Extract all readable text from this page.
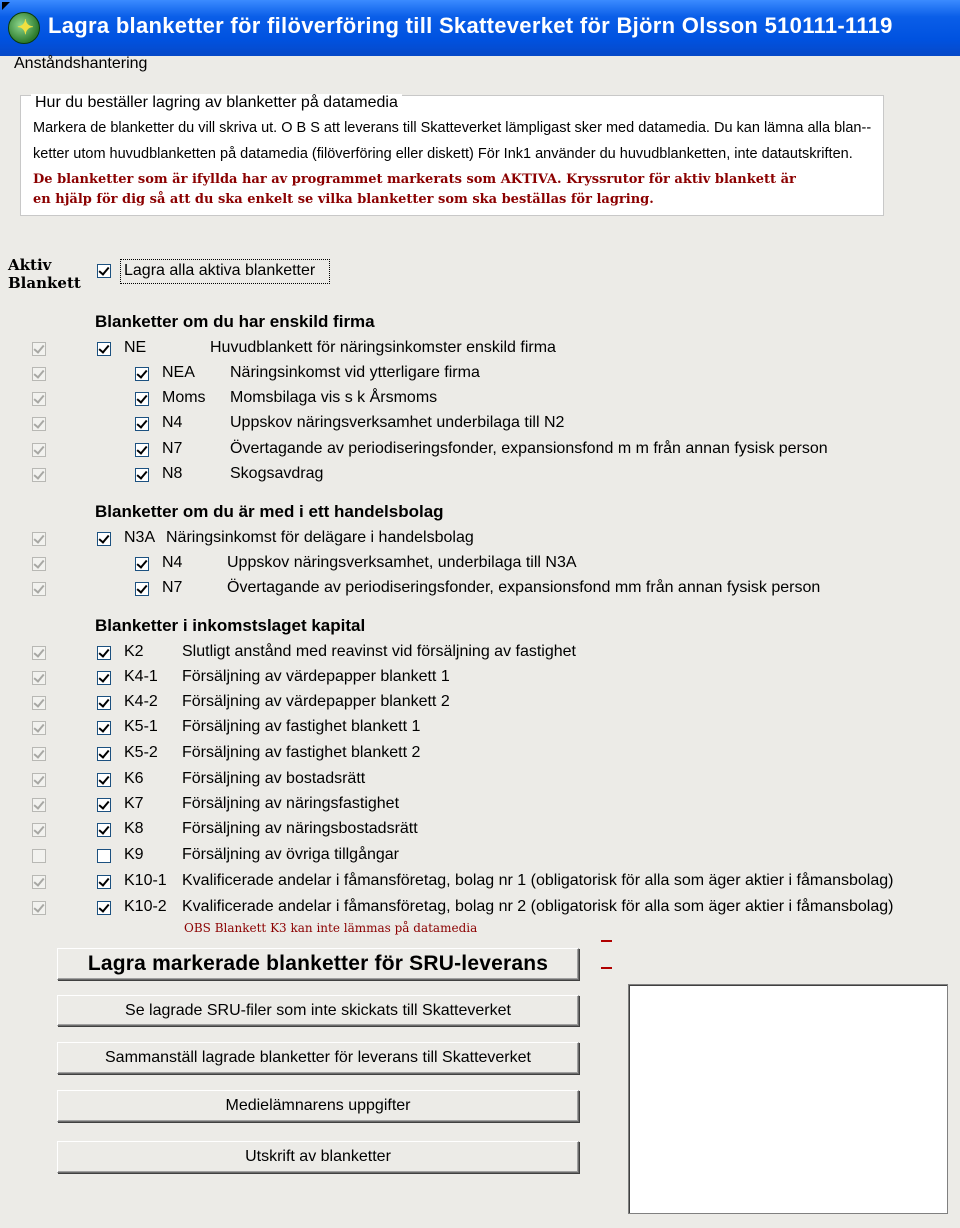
✦ Lagra blanketter för filöverföring till Skatteverket för Björn Olsson 510111-1119
Anståndshantering
Hur du beställer lagring av blanketter på datamedia
Markera de blanketter du vill skriva ut. O B S att leverans till Skatteverket lämpligast sker med datamedia. Du kan lämna alla blan--
ketter utom huvudblanketten på datamedia (filöverföring eller diskett) För Ink1 använder du huvudblanketten, inte datautskriften.
De blanketter som är ifyllda har av programmet markerats som AKTIVA. Kryssrutor för aktiv blankett är
en hjälp för dig så att du ska enkelt se vilka blanketter som ska beställas för lagring.
Aktiv
Blankett
Lagra alla aktiva blanketter
Blanketter om du har enskild firma
Blanketter om du är med i ett handelsbolag
Blanketter i inkomstslaget kapital
NE	Huvudblankett för näringsinkomster enskild firma
NEA Näringsinkomst vid ytterligare firma
Moms Momsbilaga vis s k Årsmoms
N4	Uppskov näringsverksamhet underbilaga till N2
N7	Övertagande av periodiseringsfonder, expansionsfond m m från annan fysisk person
N8	Skogsavdrag
N3A Näringsinkomst för delägare i handelsbolag
N4	Uppskov näringsverksamhet, underbilaga till N3A
N7	Övertagande av periodiseringsfonder, expansionsfond mm från annan fysisk person
K2 Slutligt anstånd med reavinst vid försäljning av fastighet
K4-1 Försäljning av värdepapper blankett 1
K4-2 Försäljning av värdepapper blankett 2
K5-1 Försäljning av fastighet blankett 1
K5-2 Försäljning av fastighet blankett 2
K6 Försäljning av bostadsrätt
K7 Försäljning av näringsfastighet
K8 Försäljning av näringsbostadsrätt
K9 Försäljning av övriga tillgångar
K10-1 Kvalificerade andelar i fåmansföretag, bolag nr 1 (obligatorisk för alla som äger aktier i fåmansbolag)
K10-2 Kvalificerade andelar i fåmansföretag, bolag nr 2 (obligatorisk för alla som äger aktier i fåmansbolag)
OBS Blankett K3 kan inte lämmas på datamedia
Lagra markerade blanketter för SRU-leverans
Se lagrade SRU-filer som inte skickats till Skatteverket
Sammanställ lagrade blanketter för leverans till Skatteverket
Medielämnarens uppgifter
Utskrift av blanketter
